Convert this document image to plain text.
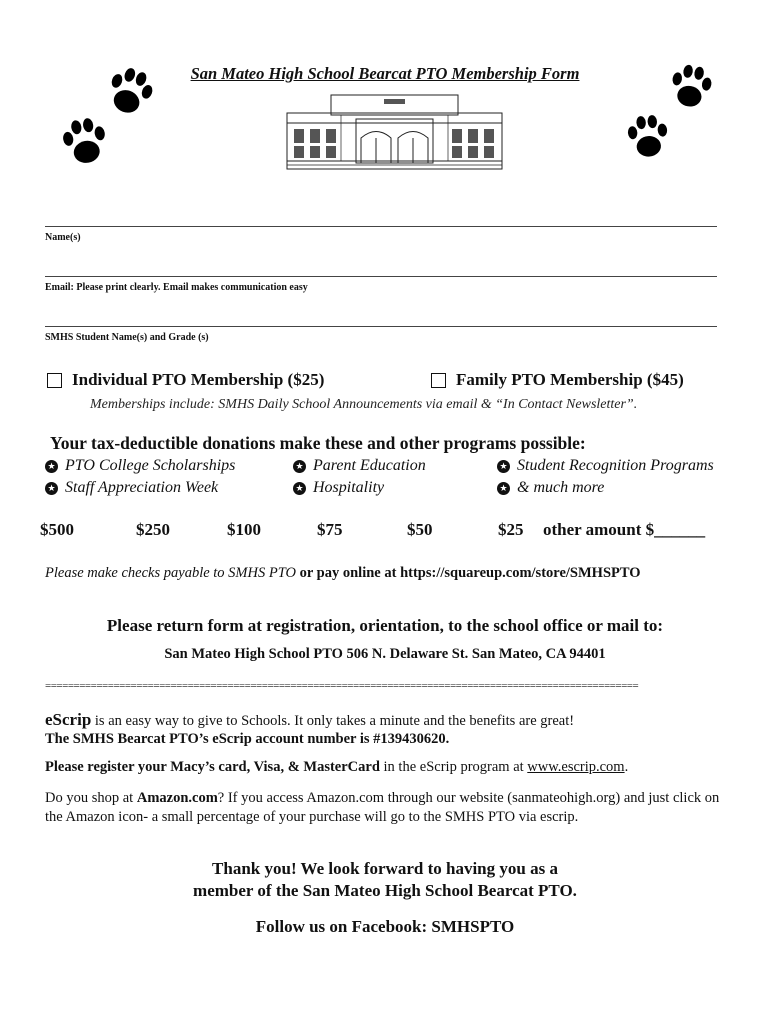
San Mateo High School Bearcat PTO Membership Form
Name(s)
Email: Please print clearly. Email makes communication easy
SMHS Student Name(s) and Grade (s)
Individual PTO Membership ($25)	Family PTO Membership ($45)
Memberships include: SMHS Daily School Announcements via email & “In Contact Newsletter”.
Your tax-deductible donations make these and other programs possible:
★ PTO College Scholarships	★ Parent Education	★ Student Recognition Programs
★ Staff Appreciation Week	★ Hospitality	★ & much more
$500	$250	$100	$75	$50	$25 other amount $______
Please make checks payable to SMHS PTO or pay online at https://squareup.com/store/SMHSPTO
Please return form at registration, orientation, to the school office or mail to:
San Mateo High School PTO 506 N. Delaware St. San Mateo, CA 94401
========================================================================================================
eScrip is an easy way to give to Schools. It only takes a minute and the benefits are great!
The SMHS Bearcat PTO’s eScrip account number is #139430620.
Please register your Macy’s card, Visa, & MasterCard in the eScrip program at www.escrip.com.
Do you shop at Amazon.com? If you access Amazon.com through our website (sanmateohigh.org) and just click on the Amazon icon- a small percentage of your purchase will go to the SMHS PTO via escrip.
Thank you! We look forward to having you as a
member of the San Mateo High School Bearcat PTO.
Follow us on Facebook: SMHSPTO
